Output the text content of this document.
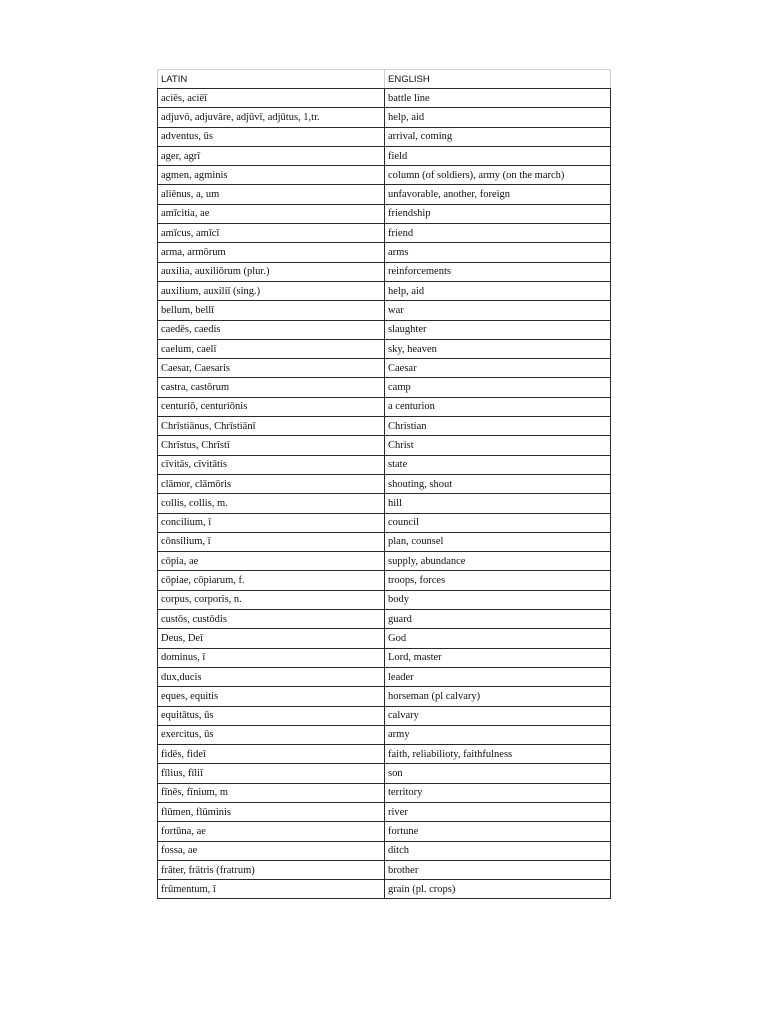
LATIN	ENGLISH
aciēs, aciēī	battle line
adjuvō, adjuvāre, adjūvī, adjūtus, 1,tr.	help, aid
adventus, ūs	arrival, coming
ager, agrī	field
agmen, agminis	column (of soldiers), army (on the march)
aliēnus, a, um	unfavorable, another, foreign
amīcitia, ae	friendship
amīcus, amīcī	friend
arma, armōrum	arms
auxilia, auxiliōrum (plur.)	reinforcements
auxilium, auxiliī (sing.)	help, aid
bellum, bellī	war
caedēs, caedis	slaughter
caelum, caelī	sky, heaven
Caesar, Caesaris	Caesar
castra, castōrum	camp
centuriō, centuriōnis	a centurion
Chrīstiānus, Chrīstiānī	Christian
Chrīstus, Chrīstī	Christ
cīvitās, cīvitātis	state
clāmor, clāmōris	shouting, shout
collis, collis, m.	hill
concilium, ī	council
cōnsilium, ī	plan, counsel
cōpia, ae	supply, abundance
cōpiae, cōpiarum, f.	troops, forces
corpus, corporis, n.	body
custōs, custōdis	guard
Deus, Deī	God
dominus, ī	Lord, master
dux,ducis	leader
eques, equitis	horseman (pl calvary)
equitātus, ūs	calvary
exercitus, ūs	army
fidēs, fideī	faith, reliabilioty, faithfulness
fīlius, fīliī	son
fīnēs, fīnium, m	territory
flūmen, flūminis	river
fortūna, ae	fortune
fossa, ae	ditch
frāter, frātris (fratrum)	brother
frūmentum, ī	grain (pl. crops)
